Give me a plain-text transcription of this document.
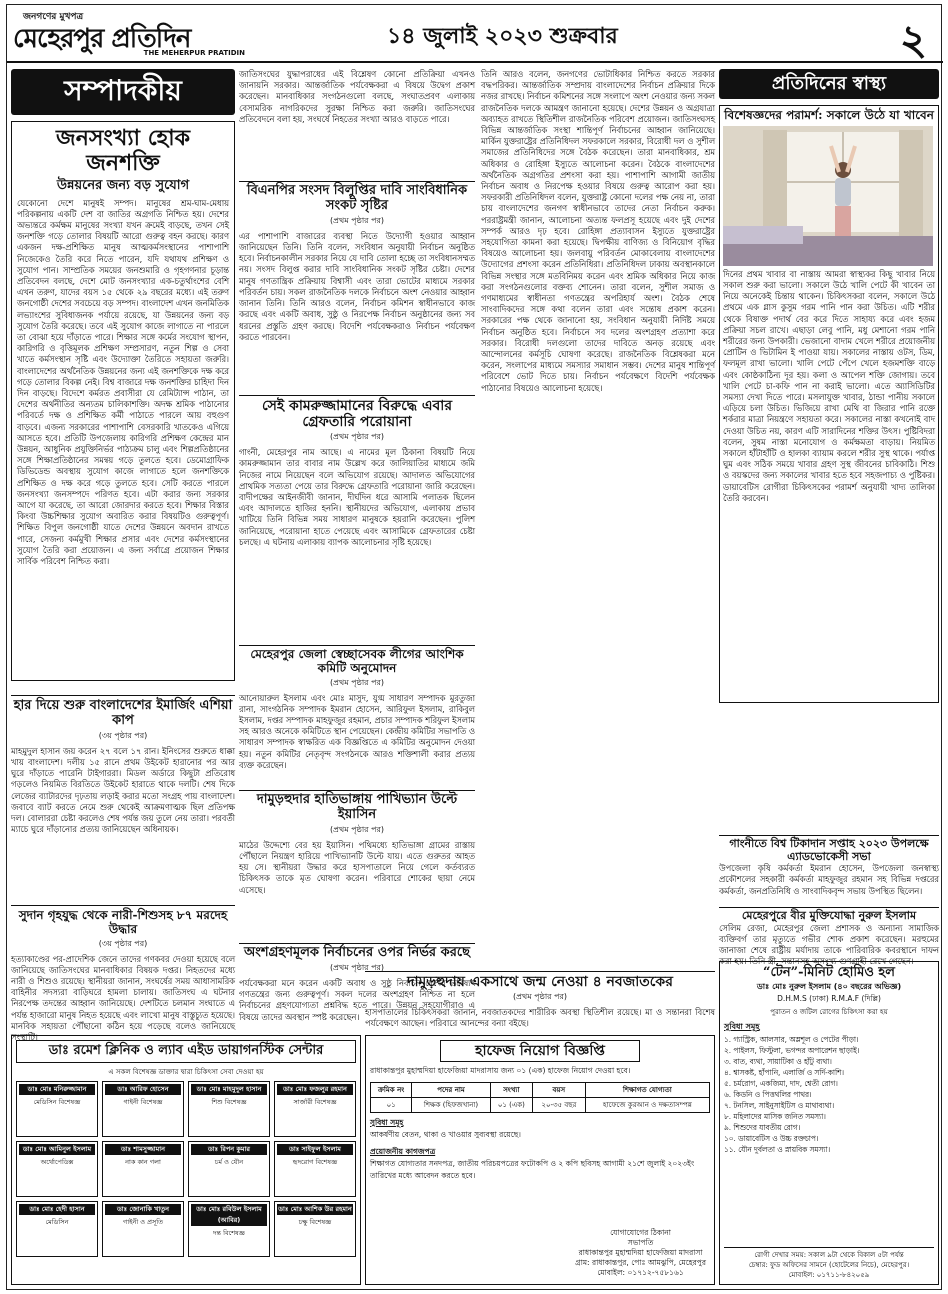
জনগণের মুখপত্র
মেহেরপুর প্রতিদিন
THE MEHERPUR PRATIDIN
১৪ জুলাই ২০২৩ শুক্রবার	২
সম্পাদকীয়
জনসংখ্যা হোক জনশক্তি
উন্নয়নের জন্য বড় সুযোগ
যেকোনো দেশে মানুষই সম্পদ। মানুষের শ্রম-ঘাম-মেধায় পরিকল্পনায় একটি দেশ বা জাতির অগ্রগতি নিশ্চিত হয়। দেশের অভ্যন্তরে কর্মক্ষম মানুষের সংখ্যা যখন ক্রমেই বাড়ছে, তখন সেই জনশক্তি গড়ে তোলার বিষয়টি আরো গুরুত্ব বহন করছে। কারণ একজন দক্ষ-প্রশিক্ষিত মানুষ আত্মকর্মসংস্থানের পাশাপাশি নিজেকেও তৈরি করে নিতে পারেন, যদি যথাযথ প্রশিক্ষণ ও সুযোগ পান। সাম্প্রতিক সময়ের জনশুমারি ও গৃহগণনার চূড়ান্ত প্রতিবেদন বলছে, দেশে মোট জনসংখ্যার এক-চতুর্থাংশের বেশি এখন তরুণ, যাদের বয়স ১৫ থেকে ২৯ বছরের মধ্যে। এই তরুণ জনগোষ্ঠী দেশের সবচেয়ে বড় সম্পদ। বাংলাদেশ এখন জনমিতিক লভ্যাংশের সুবিধাজনক পর্যায়ে রয়েছে, যা উন্নয়নের জন্য বড় সুযোগ তৈরি করেছে। তবে এই সুযোগ কাজে লাগাতে না পারলে তা বোঝা হয়ে দাঁড়াতে পারে। শিক্ষার সঙ্গে কর্মের সংযোগ স্থাপন, কারিগরি ও বৃত্তিমূলক প্রশিক্ষণ সম্প্রসারণ, নতুন শিল্প ও সেবা খাতে কর্মসংস্থান সৃষ্টি এবং উদ্যোক্তা তৈরিতে সহায়তা জরুরি। বাংলাদেশের অর্থনৈতিক উন্নয়নের জন্য এই জনশক্তিকে দক্ষ করে গড়ে তোলার বিকল্প নেই। বিশ্ব বাজারে দক্ষ জনশক্তির চাহিদা দিন দিন বাড়ছে। বিদেশে কর্মরত প্রবাসীরা যে রেমিট্যান্স পাঠান, তা দেশের অর্থনীতির অন্যতম চালিকাশক্তি। অদক্ষ শ্রমিক পাঠানোর পরিবর্তে দক্ষ ও প্রশিক্ষিত কর্মী পাঠাতে পারলে আয় বহুগুণ বাড়বে। এজন্য সরকারের পাশাপাশি বেসরকারি খাতকেও এগিয়ে আসতে হবে। প্রতিটি উপজেলায় কারিগরি প্রশিক্ষণ কেন্দ্রের মান উন্নয়ন, আধুনিক প্রযুক্তিনির্ভর পাঠ্যক্রম চালু এবং শিল্পপ্রতিষ্ঠানের সঙ্গে শিক্ষাপ্রতিষ্ঠানের সমন্বয় গড়ে তুলতে হবে। ডেমোগ্রাফিক ডিভিডেন্ড অবস্থায় সুযোগ কাজে লাগাতে হলে জনশক্তিকে প্রশিক্ষিত ও দক্ষ করে গড়ে তুলতে হবে। সেটি করতে পারলে জনসংখ্যা জনসম্পদে পরিণত হবে। এটা করার জন্য সরকার আগে যা করেছে, তা আরো জোরদার করতে হবে। শিক্ষার বিস্তার কিংবা উচ্চশিক্ষার সুযোগ অবারিত করার বিষয়টিও গুরুত্বপূর্ণ। শিক্ষিত বিপুল জনগোষ্ঠী যাতে দেশের উন্নয়নে অবদান রাখতে পারে, সেজন্য কর্মমুখী শিক্ষার প্রসার এবং দেশের কর্মসংস্থানের সুযোগ তৈরি করা প্রয়োজন। এ জন্য সর্বাগ্রে প্রয়োজন শিক্ষার সার্বিক পরিবেশ নিশ্চিত করা।
হার দিয়ে শুরু বাংলাদেশের ইমার্জিং এশিয়া কাপ
(৩য় পৃষ্ঠার পর)
মাহমুদুল হাসান জয় করেন ২৭ বলে ১৭ রান। ইনিংসের শুরুতে ধাক্কা খায় বাংলাদেশ। দলীয় ১৫ রানে প্রথম উইকেট হারানোর পর আর ঘুরে দাঁড়াতে পারেনি টাইগাররা। মিডল অর্ডারে কিছুটা প্রতিরোধ গড়লেও নিয়মিত বিরতিতে উইকেট হারাতে থাকে দলটি। শেষ দিকে লেজের ব্যাটারদের দৃঢ়তায় লড়াই করার মতো সংগ্রহ পায় বাংলাদেশ। জবাবে ব্যাট করতে নেমে শুরু থেকেই আক্রমণাত্মক ছিল প্রতিপক্ষ দল। বোলাররা চেষ্টা করলেও শেষ পর্যন্ত জয় তুলে নেয় তারা। পরবর্তী ম্যাচে ঘুরে দাঁড়ানোর প্রত্যয় জানিয়েছেন অধিনায়ক।
সুদান গৃহযুদ্ধ থেকে নারী-শিশুসহ ৮৭ মরদেহ উদ্ধার
(৩য় পৃষ্ঠার পর)
হত্যাকাণ্ডের পর-প্রাদেশিক জেনে তাদের গণকবর দেওয়া হয়েছে বলে জানিয়েছে জাতিসংঘের মানবাধিকার বিষয়ক দপ্তর। নিহতদের মধ্যে নারী ও শিশুও রয়েছে। স্থানীয়রা জানান, সংঘর্ষের সময় আধাসামরিক বাহিনীর সদস্যরা বাড়িঘরে হামলা চালায়। জাতিসংঘ এ ঘটনার নিরপেক্ষ তদন্তের আহ্বান জানিয়েছে। দেশটিতে চলমান সংঘাতে এ পর্যন্ত হাজারো মানুষ নিহত হয়েছে এবং লাখো মানুষ বাস্তুচ্যুত হয়েছে। মানবিক সহায়তা পৌঁছানো কঠিন হয়ে পড়েছে বলেও জানিয়েছে সংস্থাটি।
জাতিসংঘের যুদ্ধাপরাধের এই বিশ্লেষণ কোনো প্রতিক্রিয়া এখনও জানায়নি সরকার। আন্তর্জাতিক পর্যবেক্ষকরা এ বিষয়ে উদ্বেগ প্রকাশ করেছেন। মানবাধিকার সংগঠনগুলো বলছে, সংঘাতপ্রবণ এলাকায় বেসামরিক নাগরিকদের সুরক্ষা নিশ্চিত করা জরুরি। জাতিসংঘের প্রতিবেদনে বলা হয়, সংঘর্ষে নিহতের সংখ্যা আরও বাড়তে পারে।
বিএনপির সংসদ বিলুপ্তির দাবি সাংবিধানিক সংকট সৃষ্টির
(প্রথম পৃষ্ঠার পর)
এর পাশাপাশি বাজারের ব্যবস্থা নিতে উদ্যোগী হওয়ার আহ্বান জানিয়েছেন তিনি। তিনি বলেন, সংবিধান অনুযায়ী নির্বাচন অনুষ্ঠিত হবে। নির্বাচনকালীন সরকার নিয়ে যে দাবি তোলা হচ্ছে তা সংবিধানসম্মত নয়। সংসদ বিলুপ্ত করার দাবি সাংবিধানিক সংকট সৃষ্টির চেষ্টা। দেশের মানুষ গণতান্ত্রিক প্রক্রিয়ায় বিশ্বাসী এবং তারা ভোটের মাধ্যমে সরকার পরিবর্তন চায়। সকল রাজনৈতিক দলকে নির্বাচনে অংশ নেওয়ার আহ্বান জানান তিনি। তিনি আরও বলেন, নির্বাচন কমিশন স্বাধীনভাবে কাজ করছে এবং একটি অবাধ, সুষ্ঠু ও নিরপেক্ষ নির্বাচন অনুষ্ঠানের জন্য সব ধরনের প্রস্তুতি গ্রহণ করছে। বিদেশি পর্যবেক্ষকরাও নির্বাচন পর্যবেক্ষণ করতে পারবেন।
সেই কামরুজ্জামানের বিরুদ্ধে এবার গ্রেফতারি পরোয়ানা
(প্রথম পৃষ্ঠার পর)
গাংনী, মেহেরপুর নাম আছে। এ নামের মূল ঠিকানা বিষয়টি নিয়ে কামরুজ্জামান তার বাবার নাম উল্লেখ করে জালিয়াতির মাধ্যমে জমি নিজের নামে নিয়েছেন বলে অভিযোগ রয়েছে। আদালত অভিযোগের প্রাথমিক সত্যতা পেয়ে তার বিরুদ্ধে গ্রেফতারি পরোয়ানা জারি করেছেন। বাদীপক্ষের আইনজীবী জানান, দীর্ঘদিন ধরে আসামি পলাতক ছিলেন এবং আদালতে হাজির হননি। স্থানীয়দের অভিযোগ, এলাকায় প্রভাব খাটিয়ে তিনি বিভিন্ন সময় সাধারণ মানুষকে হয়রানি করেছেন। পুলিশ জানিয়েছে, পরোয়ানা হাতে পেয়েছে এবং আসামিকে গ্রেফতারের চেষ্টা চলছে। এ ঘটনায় এলাকায় ব্যাপক আলোচনার সৃষ্টি হয়েছে।
মেহেরপুর জেলা স্বেচ্ছাসেবক লীগের আংশিক কমিটি অনুমোদন
(প্রথম পৃষ্ঠার পর)
আনোয়ারুল ইসলাম এবং মোঃ মাসুদ, যুগ্ম সাধারণ সম্পাদক মুরতুজা রানা, সাংগঠনিক সম্পাদক ইমরান হোসেন, আরিফুল ইসলাম, রাকিবুল ইসলাম, দপ্তর সম্পাদক মাহফুজুর রহমান, প্রচার সম্পাদক শরিফুল ইসলাম সহ আরও অনেকে কমিটিতে স্থান পেয়েছেন। কেন্দ্রীয় কমিটির সভাপতি ও সাধারণ সম্পাদক স্বাক্ষরিত এক বিজ্ঞপ্তিতে এ কমিটির অনুমোদন দেওয়া হয়। নতুন কমিটির নেতৃবৃন্দ সংগঠনকে আরও শক্তিশালী করার প্রত্যয় ব্যক্ত করেছেন।
দামুড়হুদার হাতিভাঙ্গায় পাখিভ্যান উল্টে ইয়াসিন
(প্রথম পৃষ্ঠার পর)
মাঠের উদ্দেশ্যে বের হয় ইয়াসিন। পথিমধ্যে হাতিভাঙ্গা গ্রামের রাস্তায় পৌঁছালে নিয়ন্ত্রণ হারিয়ে পাখিভ্যানটি উল্টে যায়। এতে গুরুতর আহত হয় সে। স্থানীয়রা উদ্ধার করে হাসপাতালে নিয়ে গেলে কর্তব্যরত চিকিৎসক তাকে মৃত ঘোষণা করেন। পরিবারে শোকের ছায়া নেমে এসেছে।
অংশগ্রহণমূলক নির্বাচনের ওপর নির্ভর করছে
(প্রথম পৃষ্ঠার পর)
পর্যবেক্ষকরা মনে করেন একটি অবাধ ও সুষ্ঠু নির্বাচন দেশের ভবিষ্যৎ গণতন্ত্রের জন্য গুরুত্বপূর্ণ। সকল দলের অংশগ্রহণ নিশ্চিত না হলে নির্বাচনের গ্রহণযোগ্যতা প্রশ্নবিদ্ধ হতে পারে। উন্নয়ন সহযোগীরাও এ বিষয়ে তাদের অবস্থান স্পষ্ট করেছেন।
তিনি আরও বলেন, জনগণের ভোটাধিকার নিশ্চিত করতে সরকার বদ্ধপরিকর। আন্তর্জাতিক সম্প্রদায় বাংলাদেশের নির্বাচন প্রক্রিয়ার দিকে নজর রাখছে। নির্বাচন কমিশনের সঙ্গে সংলাপে অংশ নেওয়ার জন্য সকল রাজনৈতিক দলকে আমন্ত্রণ জানানো হয়েছে। দেশের উন্নয়ন ও অগ্রযাত্রা অব্যাহত রাখতে স্থিতিশীল রাজনৈতিক পরিবেশ প্রয়োজন। জাতিসংঘসহ বিভিন্ন আন্তর্জাতিক সংস্থা শান্তিপূর্ণ নির্বাচনের আহ্বান জানিয়েছে। মার্কিন যুক্তরাষ্ট্রের প্রতিনিধিদল সফরকালে সরকার, বিরোধী দল ও সুশীল সমাজের প্রতিনিধিদের সঙ্গে বৈঠক করেছেন। তারা মানবাধিকার, শ্রম অধিকার ও রোহিঙ্গা ইস্যুতে আলোচনা করেন। বৈঠকে বাংলাদেশের অর্থনৈতিক অগ্রগতির প্রশংসা করা হয়। পাশাপাশি আগামী জাতীয় নির্বাচন অবাধ ও নিরপেক্ষ হওয়ার বিষয়ে গুরুত্ব আরোপ করা হয়। সফরকারী প্রতিনিধিদল বলেন, যুক্তরাষ্ট্র কোনো দলের পক্ষ নেয় না, তারা চায় বাংলাদেশের জনগণ স্বাধীনভাবে তাদের নেতা নির্বাচন করুক। পররাষ্ট্রমন্ত্রী জানান, আলোচনা অত্যন্ত ফলপ্রসূ হয়েছে এবং দুই দেশের সম্পর্ক আরও দৃঢ় হবে। রোহিঙ্গা প্রত্যাবাসন ইস্যুতে যুক্তরাষ্ট্রের সহযোগিতা কামনা করা হয়েছে। দ্বিপক্ষীয় বাণিজ্য ও বিনিয়োগ বৃদ্ধির বিষয়েও আলোচনা হয়। জলবায়ু পরিবর্তন মোকাবেলায় বাংলাদেশের উদ্যোগের প্রশংসা করেন প্রতিনিধিরা। প্রতিনিধিদল ঢাকায় অবস্থানকালে বিভিন্ন সংস্থার সঙ্গে মতবিনিময় করেন এবং শ্রমিক অধিকার নিয়ে কাজ করা সংগঠনগুলোর বক্তব্য শোনেন। তারা বলেন, সুশীল সমাজ ও গণমাধ্যমের স্বাধীনতা গণতন্ত্রের অপরিহার্য অংশ। বৈঠক শেষে সাংবাদিকদের সঙ্গে কথা বলেন তারা এবং সন্তোষ প্রকাশ করেন। সরকারের পক্ষ থেকে জানানো হয়, সংবিধান অনুযায়ী নির্দিষ্ট সময়ে নির্বাচন অনুষ্ঠিত হবে। নির্বাচনে সব দলের অংশগ্রহণ প্রত্যাশা করে সরকার। বিরোধী দলগুলো তাদের দাবিতে অনড় রয়েছে এবং আন্দোলনের কর্মসূচি ঘোষণা করেছে। রাজনৈতিক বিশ্লেষকরা মনে করেন, সংলাপের মাধ্যমে সমস্যার সমাধান সম্ভব। দেশের মানুষ শান্তিপূর্ণ পরিবেশে ভোট দিতে চায়। নির্বাচন পর্যবেক্ষণে বিদেশি পর্যবেক্ষক পাঠানোর বিষয়েও আলোচনা হয়েছে।
দামুড়হুদায় একসাথে জন্ম নেওয়া ৪ নবজাতকের
(প্রথম পৃষ্ঠার পর)
হাসপাতালের চিকিৎসকরা জানান, নবজাতকদের শারীরিক অবস্থা স্থিতিশীল রয়েছে। মা ও সন্তানরা বিশেষ পর্যবেক্ষণে আছেন। পরিবারে আনন্দের বন্যা বইছে।
প্রতিদিনের স্বাস্থ্য
বিশেষজ্ঞদের পরামর্শ: সকালে উঠে যা খাবেন
দিনের প্রথম খাবার বা নাস্তায় আমরা স্বাস্থ্যকর কিছু খাবার নিয়ে সকাল শুরু করা ভালো। সকালে উঠে খালি পেটে কী খাবেন তা নিয়ে অনেকেই চিন্তায় থাকেন। চিকিৎসকরা বলেন, সকালে উঠে প্রথমে এক গ্লাস কুসুম গরম পানি পান করা উচিত। এটি শরীর থেকে বিষাক্ত পদার্থ বের করে দিতে সাহায্য করে এবং হজম প্রক্রিয়া সচল রাখে। এছাড়া লেবু পানি, মধু মেশানো গরম পানি শরীরের জন্য উপকারী। ভেজানো বাদাম খেলে শরীরে প্রয়োজনীয় প্রোটিন ও ভিটামিন ই পাওয়া যায়। সকালের নাস্তায় ওটস, ডিম, ফলমূল রাখা ভালো। খালি পেটে পেঁপে খেলে হজমশক্তি বাড়ে এবং কোষ্ঠকাঠিন্য দূর হয়। কলা ও আপেল শক্তি জোগায়। তবে খালি পেটে চা-কফি পান না করাই ভালো। এতে অ্যাসিডিটির সমস্যা দেখা দিতে পারে। মসলাযুক্ত খাবার, ঠান্ডা পানীয় সকালে এড়িয়ে চলা উচিত। ভিজিয়ে রাখা মেথি বা জিরার পানি রক্তে শর্করার মাত্রা নিয়ন্ত্রণে সহায়তা করে। সকালের নাস্তা কখনোই বাদ দেওয়া উচিত নয়, কারণ এটি সারাদিনের শক্তির উৎস। পুষ্টিবিদরা বলেন, সুষম নাস্তা মনোযোগ ও কর্মক্ষমতা বাড়ায়। নিয়মিত সকালে হাঁটাহাঁটি ও হালকা ব্যায়াম করলে শরীর সুস্থ থাকে। পর্যাপ্ত ঘুম এবং সঠিক সময়ে খাবার গ্রহণ সুস্থ জীবনের চাবিকাঠি। শিশু ও বয়স্কদের জন্য সকালের খাবার হতে হবে সহজপাচ্য ও পুষ্টিকর। ডায়াবেটিস রোগীরা চিকিৎসকের পরামর্শ অনুযায়ী খাদ্য তালিকা তৈরি করবেন।
গাংনীতে বিশ্ব টিকাদান সপ্তাহ ২০২৩ উপলক্ষে এ্যাডভোকেসী সভা
উপজেলা কৃষি কর্মকর্তা ইমরান হোসেন, উপজেলা জনস্বাস্থ্য প্রকৌশলের সহকারী কর্মকর্তা মাহফুজুর রহমান সহ বিভিন্ন দপ্তরের কর্মকর্তা, জনপ্রতিনিধি ও সাংবাদিকবৃন্দ সভায় উপস্থিত ছিলেন।
মেহেরপুরে বীর মুক্তিযোদ্ধা নুরুল ইসলাম
সেলিম রেজা, মেহেরপুর জেলা প্রশাসক ও অন্যান্য সামাজিক ব্যক্তিবর্গ তার মৃত্যুতে গভীর শোক প্রকাশ করেছেন। মরহুমের জানাজা শেষে রাষ্ট্রীয় মর্যাদায় তাকে পারিবারিক কবরস্থানে দাফন করা হয়। তিনি স্ত্রী, সন্তানসহ অসংখ্য গুণগ্রাহী রেখে গেছেন।
ডাঃ রমেশ ক্লিনিক ও ল্যাব এইড ডায়াগনস্টিক সেন্টার
এ সকল বিশেষজ্ঞ ডাক্তার দ্বারা চিকিৎসা সেবা দেওয়া হয়
ডাঃ মোঃ মনিরুজ্জামান
মেডিসিন বিশেষজ্ঞ
ডাঃ আরিফ হোসেন
গাইনী বিশেষজ্ঞ
ডাঃ মোঃ মাহমুদুল হাসান
শিশু বিশেষজ্ঞ
ডাঃ মোঃ ফজলুর রহমান
সার্জারী বিশেষজ্ঞ
ডাঃ মোঃ আমিনুল ইসলাম
অর্থোপেডিক্স
ডাঃ শামসুজ্জামান
নাক কান গলা
ডাঃ রিপন কুমার
চর্ম ও যৌন
ডাঃ সাইফুল ইসলাম
হৃদরোগ বিশেষজ্ঞ
ডাঃ মোঃ হেদী হাসান
মেডিসিন
ডাঃ জোনাকি খাতুন
গাইনী ও প্রসূতি
ডাঃ মোঃ রবিউল ইসলাম (আবির)
দন্ত বিশেষজ্ঞ
ডাঃ মোঃ আশিক উর রহমান
চক্ষু বিশেষজ্ঞ
হাফেজ নিয়োগ বিজ্ঞপ্তি
রাধাকান্তপুর মুহাম্মদিয়া হাফেজিয়া মাদরাসায় জন্য ০১ (এক) হাফেজ নিয়োগ দেওয়া হবে।
ক্রমিক নং	পদের নাম	সংখ্যা	বয়স	শিক্ষাগত যোগ্যতা
০১	শিক্ষক (হিফজখানা)	০১ (এক)	২০-৩৫ বছর	হাফেজে কুরআন ও দক্ষতাসম্পন্ন
সুবিধা সমূহ
আকর্ষণীয় বেতন, থাকা ও খাওয়ার সুব্যবস্থা রয়েছে।
প্রয়োজনীয় কাগজপত্র
শিক্ষাগত যোগ্যতার সনদপত্র, জাতীয় পরিচয়পত্রের ফটোকপি ও ২ কপি ছবিসহ আগামী ২১শে জুলাই ২০২৩ইং তারিখের মধ্যে আবেদন করতে হবে।
যোগাযোগের ঠিকানা
সভাপতি
রাধাকান্তপুর মুহাম্মদিয়া হাফেজিয়া মাদরাসা
গ্রাম: রাধাকান্তপুর, পোঃ আমঝুপি, মেহেরপুর
মোবাইল: ০১৭১২-৭৫৮১৬১
“টেন”-মিনিট হোমিও হল
ডাঃ মোঃ নুরুল ইসলাম (৪০ বছরের অভিজ্ঞ)
D.H.M.S (ঢাকা) R.M.A.F (দিল্লি)
পুরাতন ও জটিল রোগের চিকিৎসা করা হয়
সুবিধা সমূহ
১. গ্যাস্ট্রিক, আলসার, অম্লশূল ও পেটের পীড়া।
২. পাইলস, ফিস্টুলা, ভগন্দর অপারেশন ছাড়াই।
৩. বাত, ব্যথা, সায়াটিকা ও হাঁটু ব্যথা।
৪. শ্বাসকষ্ট, হাঁপানি, এলার্জি ও সর্দি-কাশি।
৫. চর্মরোগ, একজিমা, দাদ, শ্বেতী রোগ।
৬. কিডনি ও পিত্তথলির পাথর।
৭. টনসিল, সাইনুসাইটিস ও মাথাব্যথা।
৮. মহিলাদের মাসিক জনিত সমস্যা।
৯. শিশুদের যাবতীয় রোগ।
১০. ডায়াবেটিস ও উচ্চ রক্তচাপ।
১১. যৌন দুর্বলতা ও স্নায়বিক সমস্যা।
রোগী দেখার সময়: সকাল ৯টা থেকে বিকাল ৫টা পর্যন্ত
চেম্বার: ফুড অফিসের সামনে (হোটেলের নিচে), মেহেরপুর।
মোবাইল: ০১৭১১-৮৪২০৫৯
